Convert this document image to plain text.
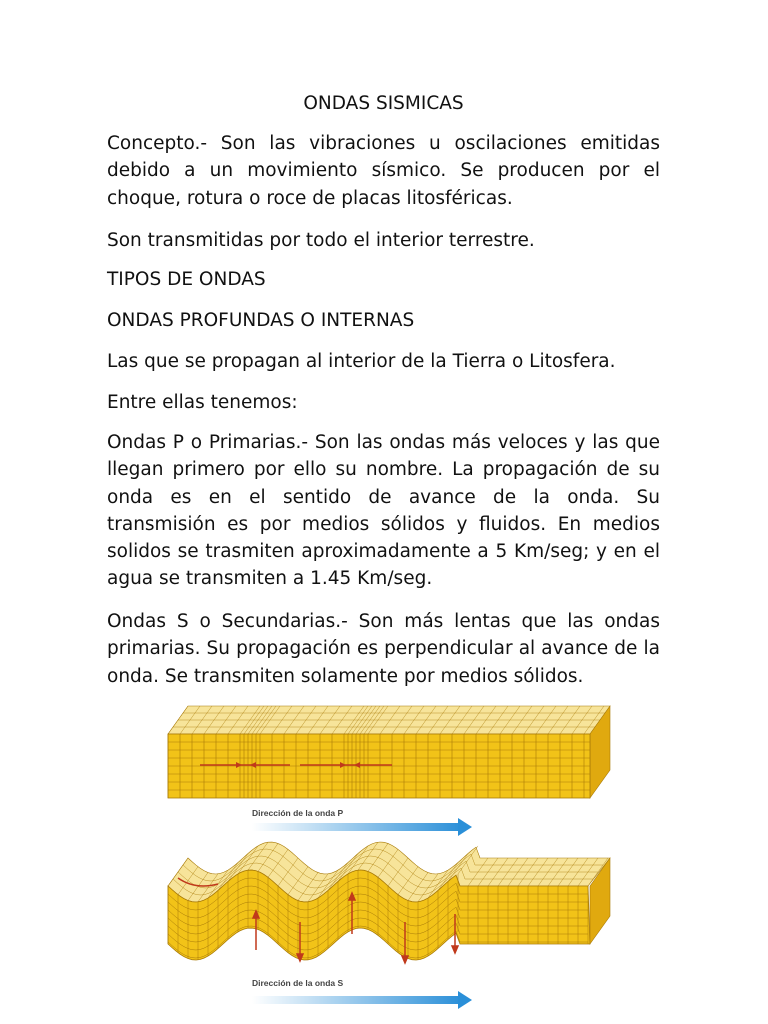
ONDAS SISMICAS

Concepto.- Son las vibraciones u oscilaciones emitidas debido a un movimiento sísmico. Se producen por el choque, rotura o roce de placas litosféricas.

Son transmitidas por todo el interior terrestre.

TIPOS DE ONDAS

ONDAS PROFUNDAS O INTERNAS

Las que se propagan al interior de la Tierra o Litosfera.

Entre ellas tenemos:

Ondas P o Primarias.- Son las ondas más veloces y las que llegan primero por ello su nombre. La propagación de su onda es en el sentido de avance de la onda. Su transmisión es por medios sólidos y fluidos. En medios solidos se trasmiten aproximadamente a 5 Km/seg; y en el agua se transmiten a 1.45 Km/seg.

Ondas S o Secundarias.- Son más lentas que las ondas primarias. Su propagación es perpendicular al avance de la onda. Se transmiten solamente por medios sólidos.

Dirección de la onda P
Dirección de la onda S
